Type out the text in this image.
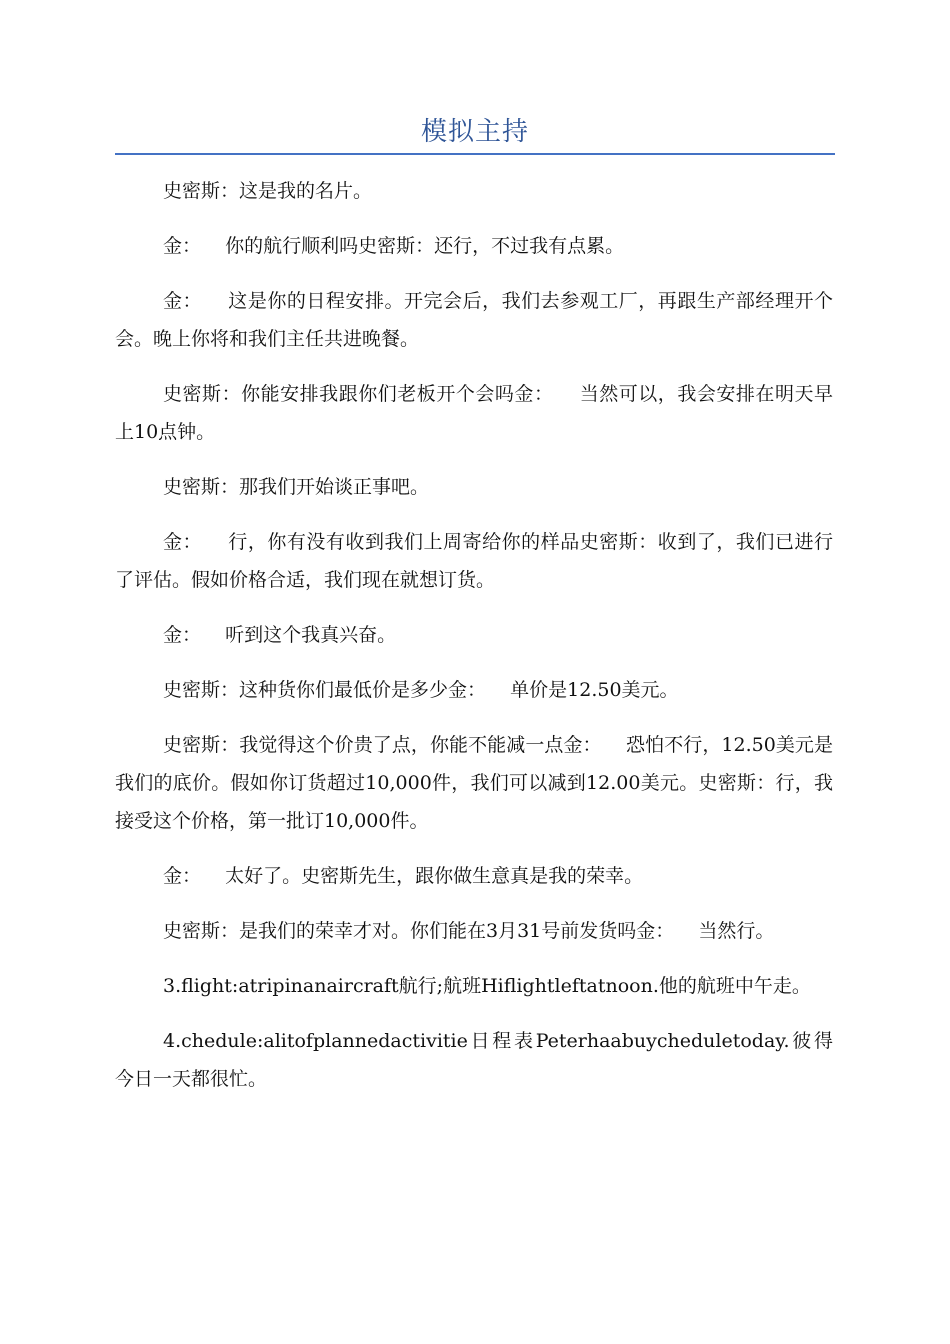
模拟主持

史密斯：这是我的名片。

金：    你的航行顺利吗史密斯：还行，不过我有点累。

金：    这是你的日程安排。开完会后，我们去参观工厂，再跟生产部经理开个会。晚上你将和我们主任共进晚餐。

史密斯：你能安排我跟你们老板开个会吗金：    当然可以，我会安排在明天早上10点钟。

史密斯：那我们开始谈正事吧。

金：    行，你有没有收到我们上周寄给你的样品史密斯：收到了，我们已进行了评估。假如价格合适，我们现在就想订货。

金：    听到这个我真兴奋。

史密斯：这种货你们最低价是多少金：    单价是12.50美元。

史密斯：我觉得这个价贵了点，你能不能减一点金：    恐怕不行，12.50美元是我们的底价。假如你订货超过10,000件，我们可以减到12.00美元。史密斯：行，我接受这个价格，第一批订10,000件。

金：    太好了。史密斯先生，跟你做生意真是我的荣幸。

史密斯：是我们的荣幸才对。你们能在3月31号前发货吗金：    当然行。

3.flight:atripinanaircraft航行;航班Hiflightleftatnoon.他的航班中午走。

4.chedule:alitofplannedactivitie日程表Peterhaabuycheduletoday.彼得今日一天都很忙。
